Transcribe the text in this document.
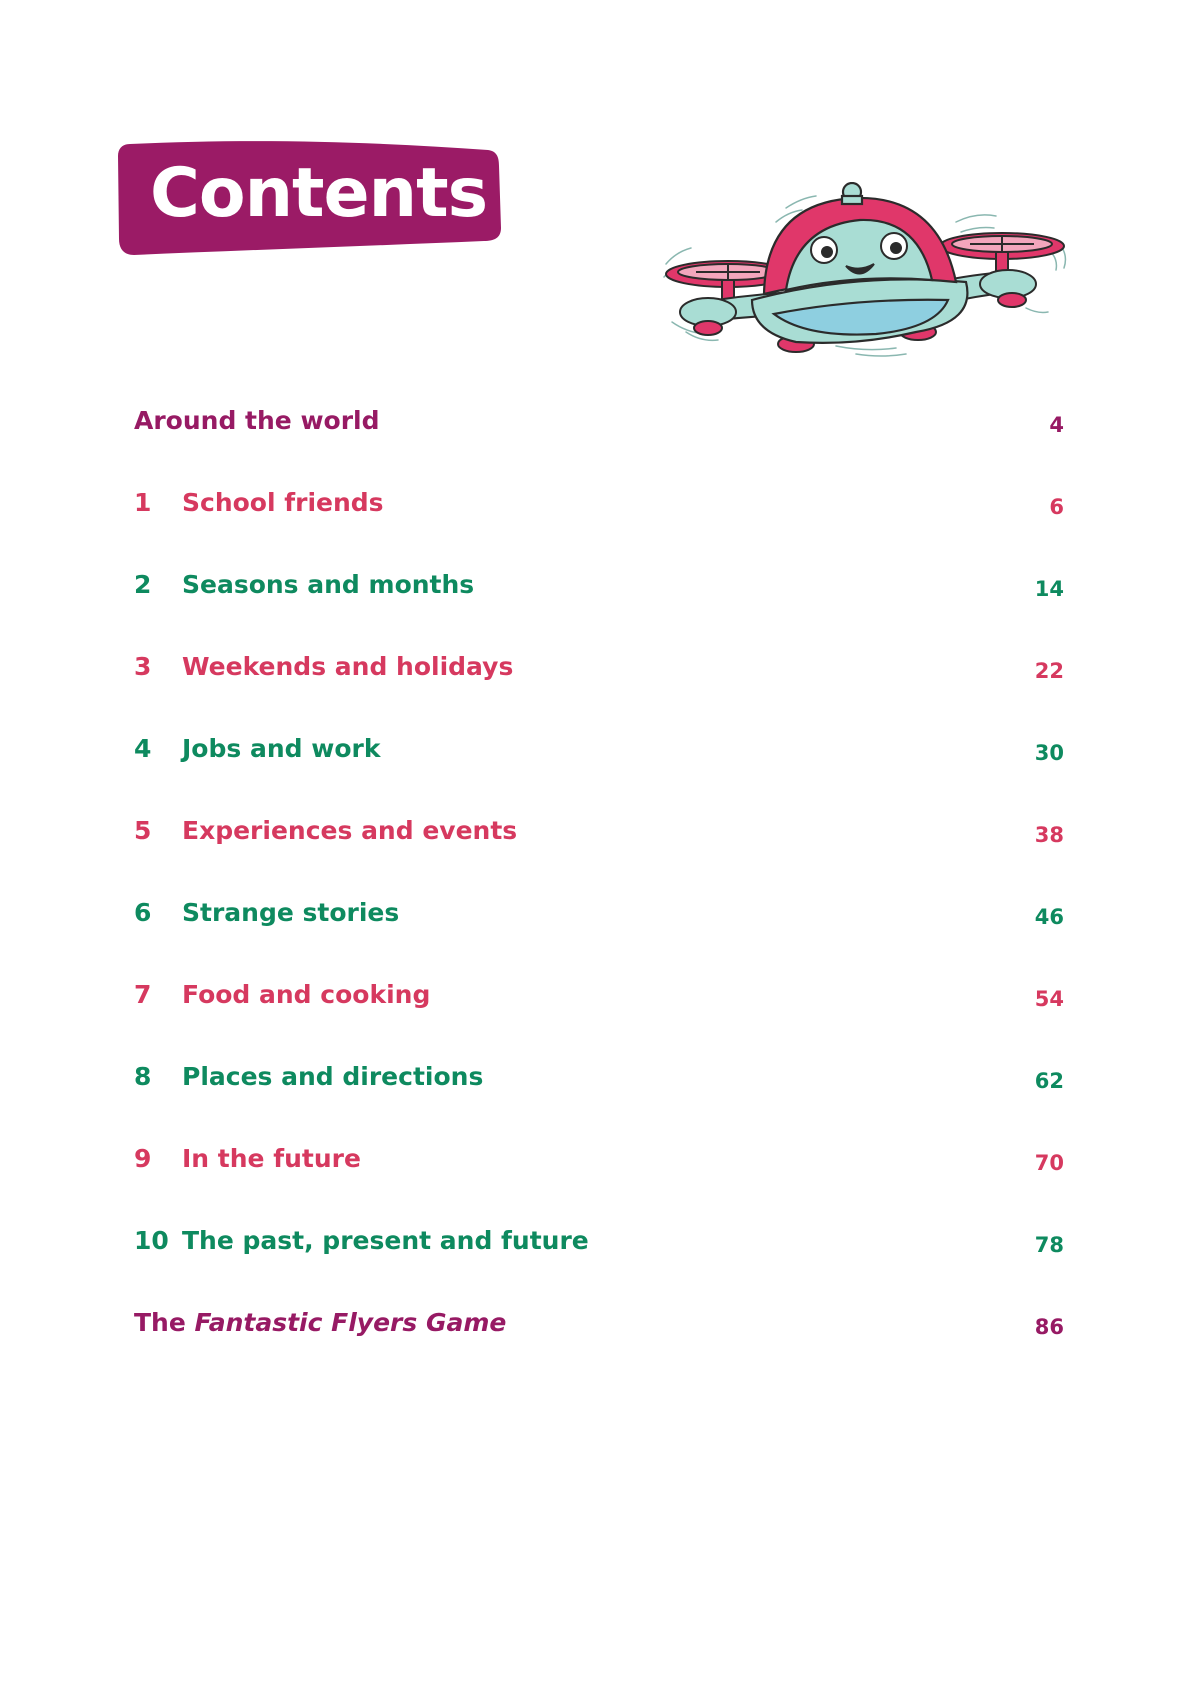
Contents
Around the world	4
1	School friends	6
2	Seasons and months	14
3	Weekends and holidays	22
4	Jobs and work	30
5	Experiences and events	38
6	Strange stories	46
7	Food and cooking	54
8	Places and directions	62
9	In the future	70
10 The past, present and future	78
The Fantastic Flyers Game	86
